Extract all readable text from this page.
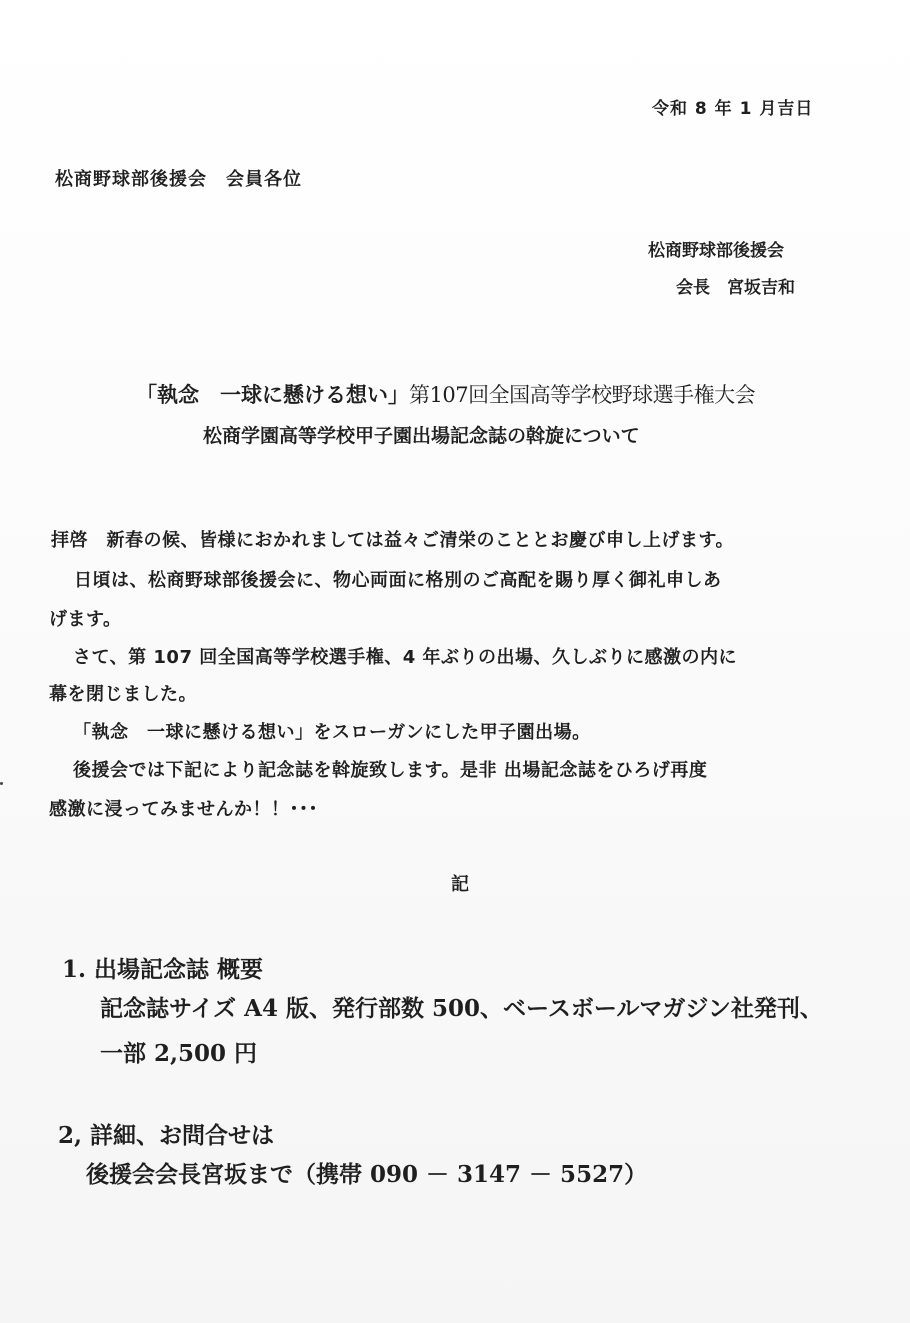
令和 8 年 1 月吉日
松商野球部後援会　会員各位
松商野球部後援会
会長　宮坂吉和
「執念　一球に懸ける想い」第107回全国高等学校野球選手権大会
松商学園高等学校甲子園出場記念誌の斡旋について
拝啓　新春の候、皆様におかれましては益々ご清栄のこととお慶び申し上げます。
日頃は、松商野球部後援会に、物心両面に格別のご高配を賜り厚く御礼申しあ
げます。
さて、第 107 回全国高等学校選手権、4 年ぶりの出場、久しぶりに感激の内に
幕を閉じました。
「執念　一球に懸ける想い」をスローガンにした甲子園出場。
後援会では下記により記念誌を斡旋致します。是非 出場記念誌をひろげ再度
感激に浸ってみませんか！！･･･
記
1. 出場記念誌 概要
記念誌サイズ A4 版、発行部数 500、ベースボールマガジン社発刊、
一部 2,500 円
2, 詳細、お問合せは
後援会会長宮坂まで（携帯 090 － 3147 － 5527）
